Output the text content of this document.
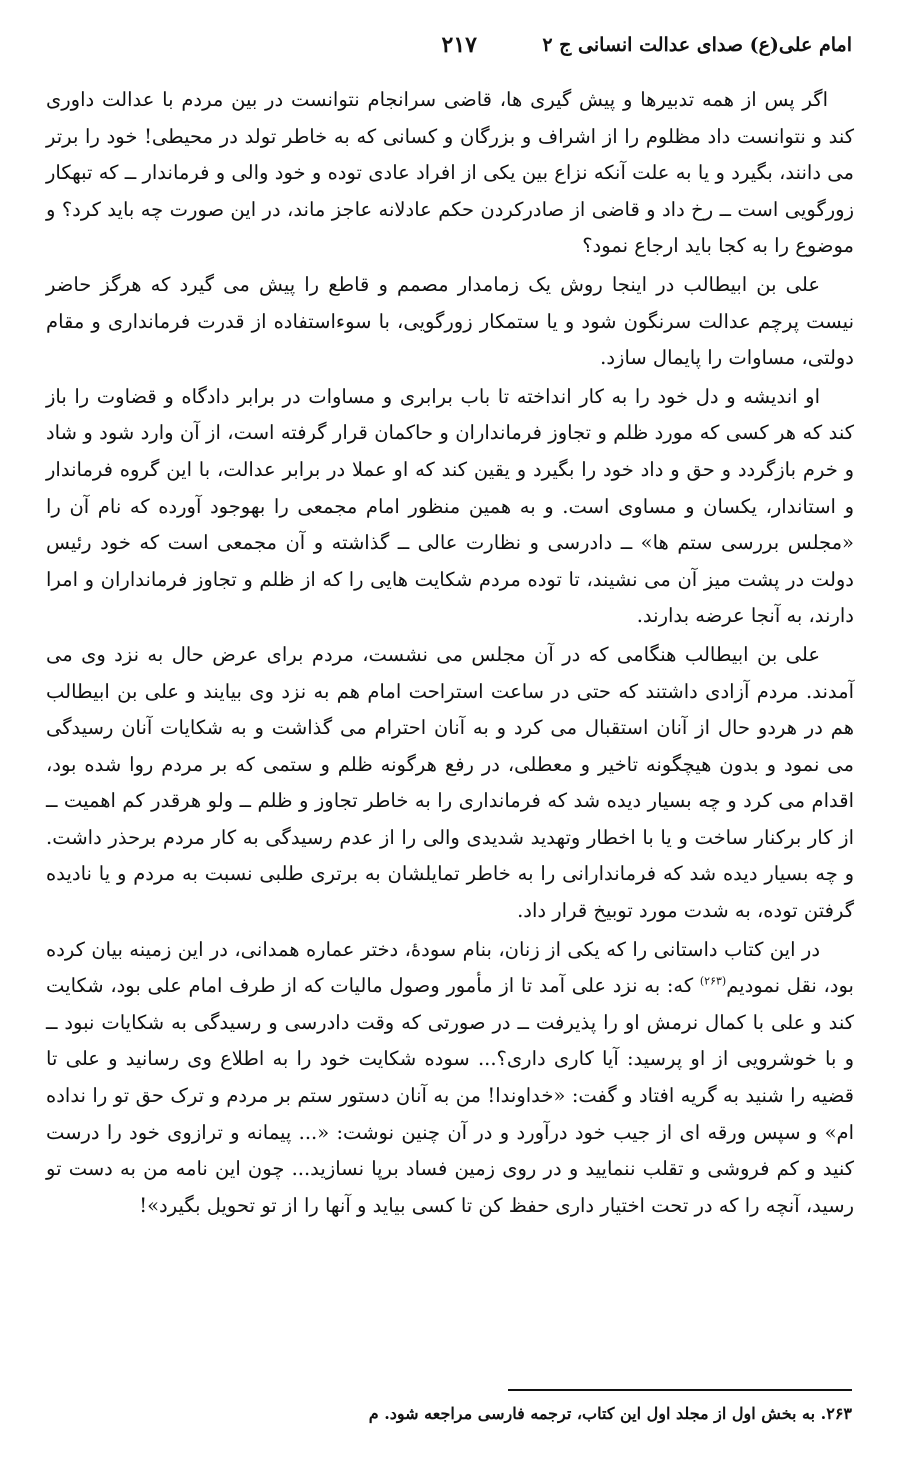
امام علی(ع) صدای عدالت انسانی ج ۲
۲۱۷

اگر پس از همه تدبیرها و پیش گیری ها، قاضی سرانجام نتوانست در بین مردم با عدالت داوری کند و نتوانست داد مظلوم را از اشراف و بزرگان و کسانی که به خاطر تولد در محیطی! خود را برتر می دانند، بگیرد و یا به علت آنکه نزاع بین یکی از افراد عادی توده و خود والی و فرماندار ــ که تبهکار زورگویی است ــ رخ داد و قاضی از صادرکردن حکم عادلانه عاجز ماند، در این صورت چه باید کرد؟ و موضوع را به کجا باید ارجاع نمود؟

علی بن ابیطالب در اینجا روش یک زمامدار مصمم و قاطع را پیش می گیرد که هرگز حاضر نیست پرچم عدالت سرنگون شود و یا ستمکار زورگویی، با سوءاستفاده از قدرت فرمانداری و مقام دولتی، مساوات را پایمال سازد.

او اندیشه و دل خود را به کار انداخته تا باب برابری و مساوات در برابر دادگاه و قضاوت را باز کند که هر کسی که مورد ظلم و تجاوز فرمانداران و حاکمان قرار گرفته است، از آن وارد شود و شاد و خرم بازگردد و حق و داد خود را بگیرد و یقین کند که او عملا در برابر عدالت، با این گروه فرماندار و استاندار، یکسان و مساوی است. و به همین منظور امام مجمعی را بهوجود آورده که نام آن را «مجلس بررسی ستم ها» ــ دادرسی و نظارت عالی ــ گذاشته و آن مجمعی است که خود رئیس دولت در پشت میز آن می نشیند، تا توده مردم شکایت هایی را که از ظلم و تجاوز فرمانداران و امرا دارند، به آنجا عرضه بدارند.

علی بن ابیطالب هنگامی که در آن مجلس می نشست، مردم برای عرض حال به نزد وی می آمدند. مردم آزادی داشتند که حتی در ساعت استراحت امام هم به نزد وی بیایند و علی بن ابیطالب هم در هردو حال از آنان استقبال می کرد و به آنان احترام می گذاشت و به شکایات آنان رسیدگی می نمود و بدون هیچگونه تاخیر و معطلی، در رفع هرگونه ظلم و ستمی که بر مردم روا شده بود، اقدام می کرد و چه بسیار دیده شد که فرمانداری را به خاطر تجاوز و ظلم ــ ولو هرقدر کم اهمیت ــ از کار برکنار ساخت و یا با اخطار وتهدید شدیدی والی را از عدم رسیدگی به کار مردم برحذر داشت. و چه بسیار دیده شد که فرماندارانی را به خاطر تمایلشان به برتری طلبی نسبت به مردم و یا نادیده گرفتن توده، به شدت مورد توبیخ قرار داد.

در این کتاب داستانی را که یکی از زنان، بنام سودهٔ، دختر عماره همدانی، در این زمینه بیان کرده بود، نقل نمودیم$^{(۲۶۳)}$ که: به نزد علی آمد تا از مأمور وصول مالیات که از طرف امام علی بود، شکایت کند و علی با کمال نرمش او را پذیرفت ــ در صورتی که وقت دادرسی و رسیدگی به شکایات نبود ــ و با خوشرویی از او پرسید: آیا کاری داری؟... سوده شکایت خود را به اطلاع وی رسانید و علی تا قضیه را شنید به گریه افتاد و گفت: «خداوندا! من به آنان دستور ستم بر مردم و ترک حق تو را نداده ام» و سپس ورقه ای از جیب خود درآورد و در آن چنین نوشت: «... پیمانه و ترازوی خود را درست کنید و کم فروشی و تقلب ننمایید و در روی زمین فساد برپا نسازید... چون این نامه من به دست تو رسید، آنچه را که در تحت اختیار داری حفظ کن تا کسی بیاید و آنها را از تو تحویل بگیرد»!

۲۶۳. به بخش اول از مجلد اول این کتاب، ترجمه فارسی مراجعه شود. م
